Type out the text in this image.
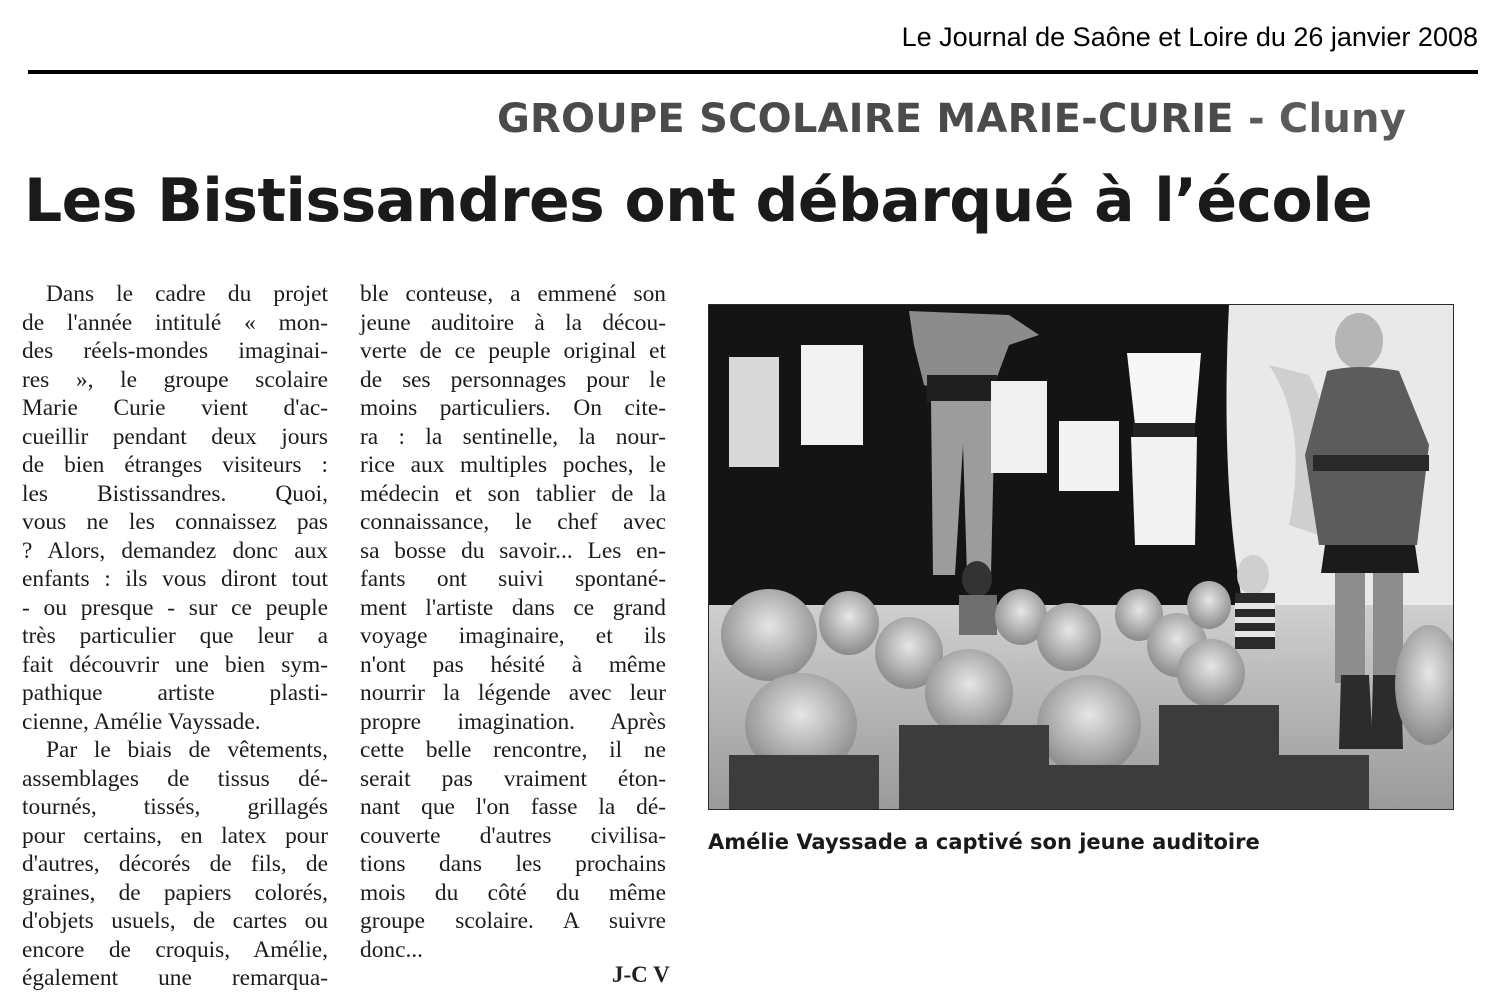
Le Journal de Saône et Loire du 26 janvier 2008
GROUPE SCOLAIRE MARIE-CURIE - Cluny
Les Bistissandres ont débarqué à l’école
Dans le cadre du projet
de l'année intitulé « mon-
des réels-mondes imaginai-
res », le groupe scolaire
Marie Curie vient d'ac-
cueillir pendant deux jours
de bien étranges visiteurs :
les Bistissandres. Quoi,
vous ne les connaissez pas
? Alors, demandez donc aux
enfants : ils vous diront tout
- ou presque - sur ce peuple
très particulier que leur a
fait découvrir une bien sym-
pathique artiste plasti-
cienne, Amélie Vayssade.
Par le biais de vêtements,
assemblages de tissus dé-
tournés, tissés, grillagés
pour certains, en latex pour
d'autres, décorés de fils, de
graines, de papiers colorés,
d'objets usuels, de cartes ou
encore de croquis, Amélie,
également une remarqua-
ble conteuse, a emmené son
jeune auditoire à la décou-
verte de ce peuple original et
de ses personnages pour le
moins particuliers. On cite-
ra : la sentinelle, la nour-
rice aux multiples poches, le
médecin et son tablier de la
connaissance, le chef avec
sa bosse du savoir... Les en-
fants ont suivi spontané-
ment l'artiste dans ce grand
voyage imaginaire, et ils
n'ont pas hésité à même
nourrir la légende avec leur
propre imagination. Après
cette belle rencontre, il ne
serait pas vraiment éton-
nant que l'on fasse la dé-
couverte d'autres civilisa-
tions dans les prochains
mois du côté du même
groupe scolaire. A suivre
donc...
J-C V
Amélie Vayssade a captivé son jeune auditoire
